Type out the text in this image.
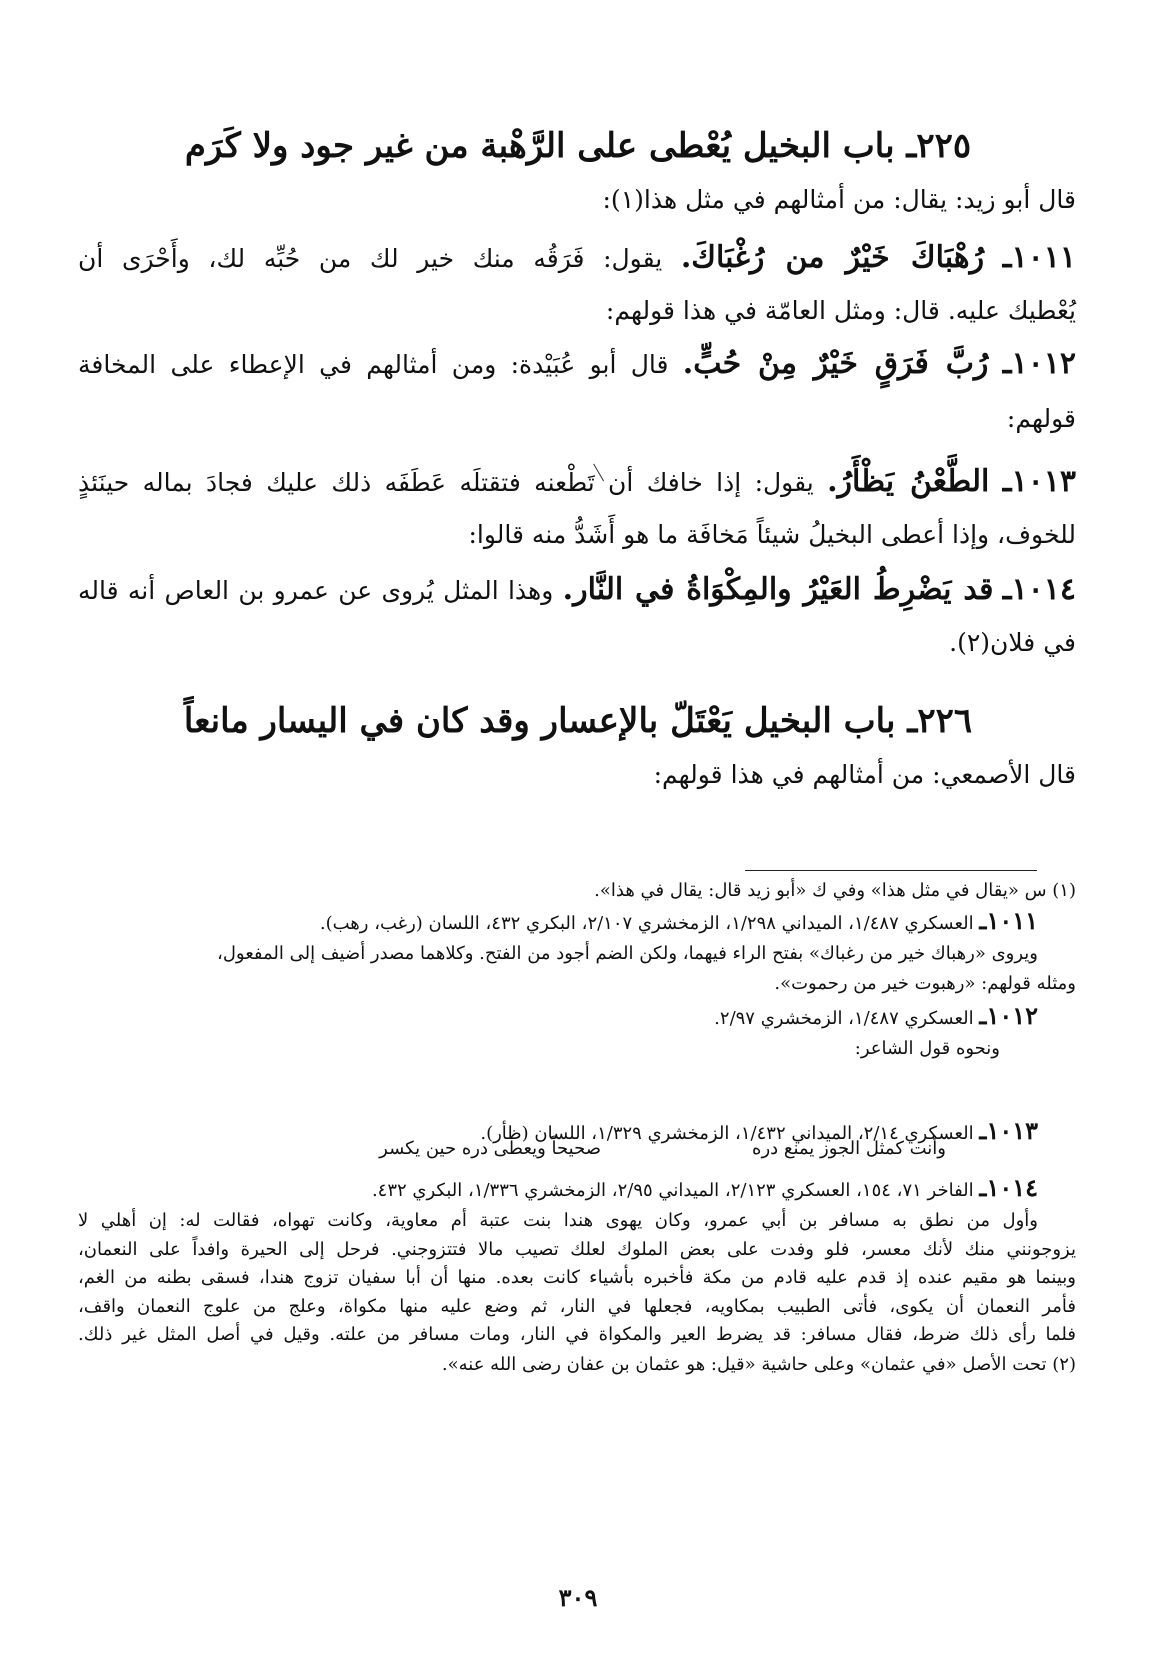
٢٢٥ـ باب البخيل يُعْطى على الرَّهْبة من غير جود ولا كَرَم
قال أبو زيد: يقال: من أمثالهم في مثل هذا(١):
١٠١١ـ رُهْبَاكَ خَيْرٌ من رُغْبَاكَ. يقول: فَرَقُه منك خير لك من حُبِّه لك، وأَحْرَى أن
يُعْطيك عليه. قال: ومثل العامّة في هذا قولهم:
١٠١٢ـ رُبَّ فَرَقٍ خَيْرٌ مِنْ حُبٍّ. قال أبو عُبَيْدة: ومن أمثالهم في الإعطاء على المخافة
قولهم:
١٠١٣ـ الطَّعْنُ يَظْأَرُ. يقول: إذا خافك أن تَطْعنه فتقتلَه عَطَفَه ذلك عليك فجادَ بماله حينَئذٍ
للخوف، وإذا أعطى البخيلُ شيئاً مَخافَة ما هو أَشَدُّ منه قالوا:
١٠١٤ـ قد يَضْرِطُ العَيْرُ والمِكْوَاةُ في النَّار. وهذا المثل يُروى عن عمرو بن العاص أنه قاله
في فلان(٢).
٢٢٦ـ باب البخيل يَعْتَلّ بالإعسار وقد كان في اليسار مانعاً
قال الأصمعي: من أمثالهم في هذا قولهم:
(١) س «يقال في مثل هذا» وفي ك «أبو زيد قال: يقال في هذا».
١٠١١ـ العسكري ١/٤٨٧، الميداني ١/٢٩٨، الزمخشري ٢/١٠٧، البكري ٤٣٢، اللسان (رغب، رهب).
ويروى «رهباك خير من رغباك» بفتح الراء فيهما، ولكن الضم أجود من الفتح. وكلاهما مصدر أضيف إلى المفعول،
ومثله قولهم: «رهبوت خير من رحموت».
١٠١٢ـ العسكري ١/٤٨٧، الزمخشري ٢/٩٧.
ونحوه قول الشاعر:
وأنت كمثل الجوز يمنع دره
صحيحاً ويعطى دره حين يكسر
١٠١٣ـ العسكري ٢/١٤، الميداني ١/٤٣٢، الزمخشري ١/٣٢٩، اللسان (ظأر).
١٠١٤ـ الفاخر ٧١، ١٥٤، العسكري ٢/١٢٣، الميداني ٢/٩٥، الزمخشري ١/٣٣٦، البكري ٤٣٢.
وأول من نطق به مسافر بن أبي عمرو، وكان يهوى هندا بنت عتبة أم معاوية، وكانت تهواه، فقالت له: إن أهلي لا
يزوجونني منك لأنك معسر، فلو وفدت على بعض الملوك لعلك تصيب مالا فتتزوجني. فرحل إلى الحيرة وافداً على النعمان،
وبينما هو مقيم عنده إذ قدم عليه قادم من مكة فأخبره بأشياء كانت بعده. منها أن أبا سفيان تزوج هندا، فسقى بطنه من الغم،
فأمر النعمان أن يكوى، فأتى الطبيب بمكاويه، فجعلها في النار، ثم وضع عليه منها مكواة، وعلج من علوج النعمان واقف،
فلما رأى ذلك ضرط، فقال مسافر: قد يضرط العير والمكواة في النار، ومات مسافر من علته. وقيل في أصل المثل غير ذلك.
(٢) تحت الأصل «في عثمان» وعلى حاشية «قيل: هو عثمان بن عفان رضى الله عنه».
٣٠٩
